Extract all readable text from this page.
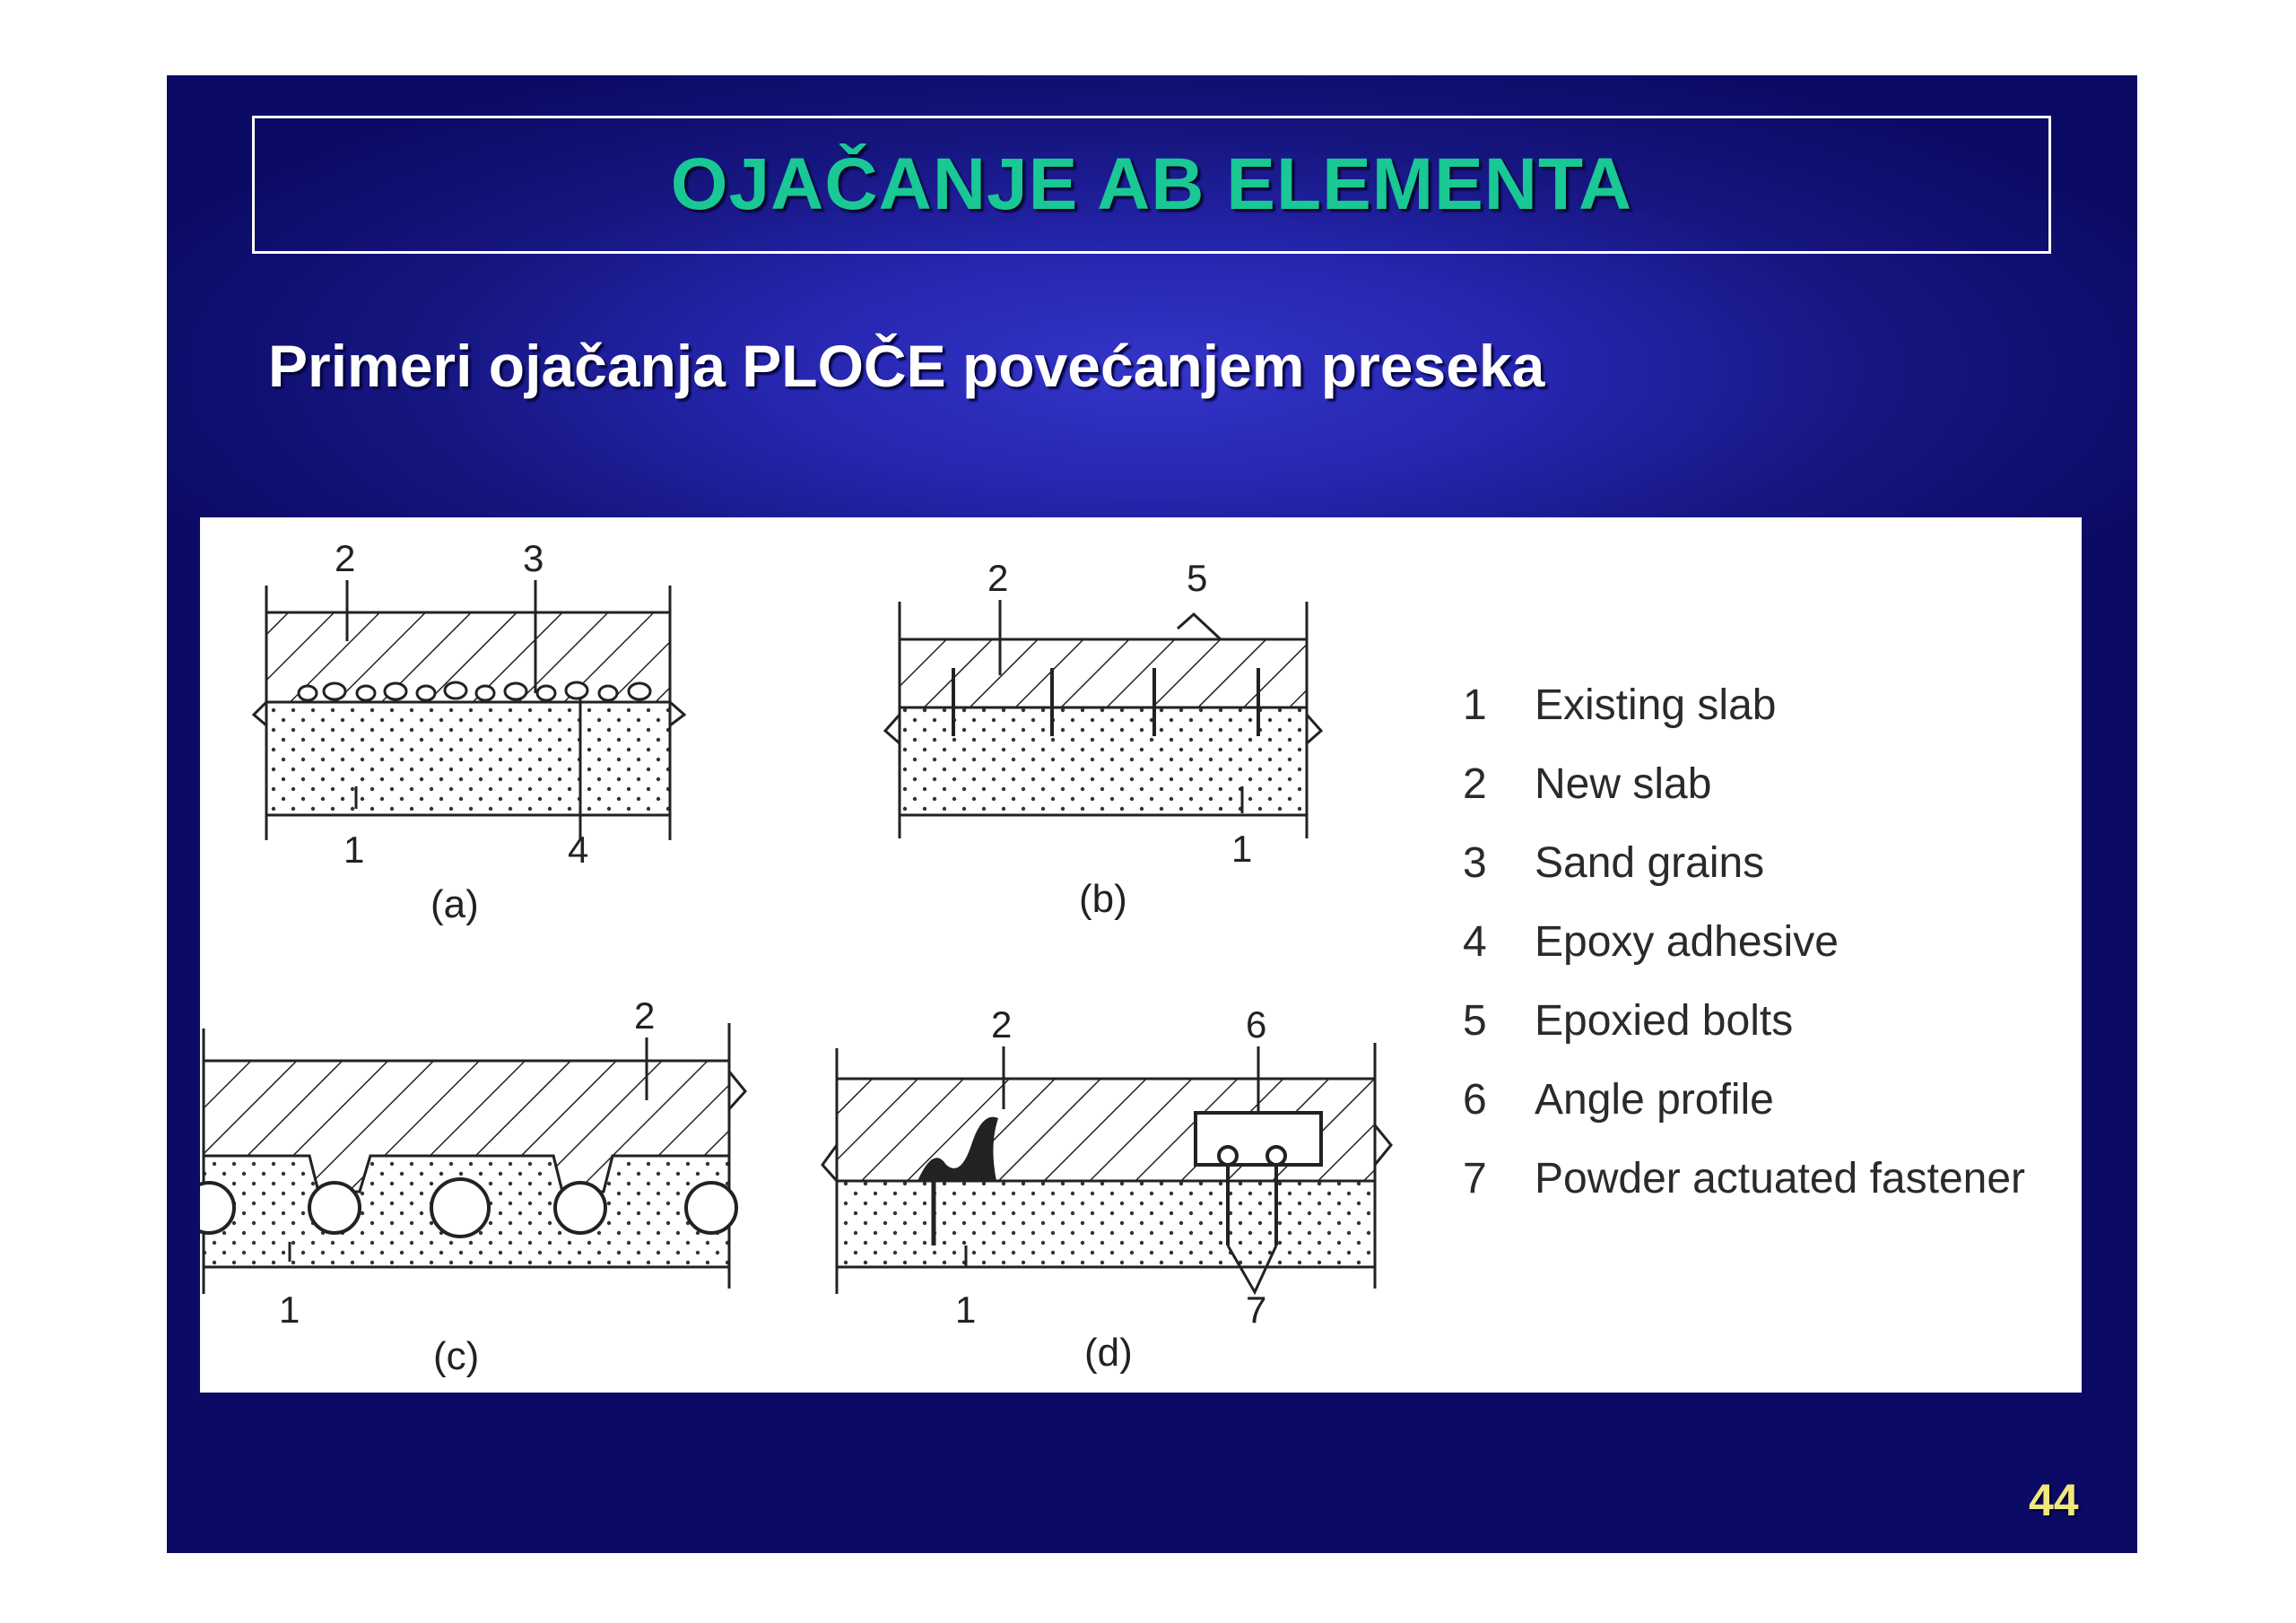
OJAČANJE AB ELEMENTA
Primeri ojačanja PLOČE povećanjem preseka
2	3
1	4
(a)
2	5
1
(b)
2
1
(c)
2	6
1	7
(d)
1 Existing slab
2 New slab
3 Sand grains
4 Epoxy adhesive
5 Epoxied bolts
6 Angle profile
7 Powder actuated fastener
44
